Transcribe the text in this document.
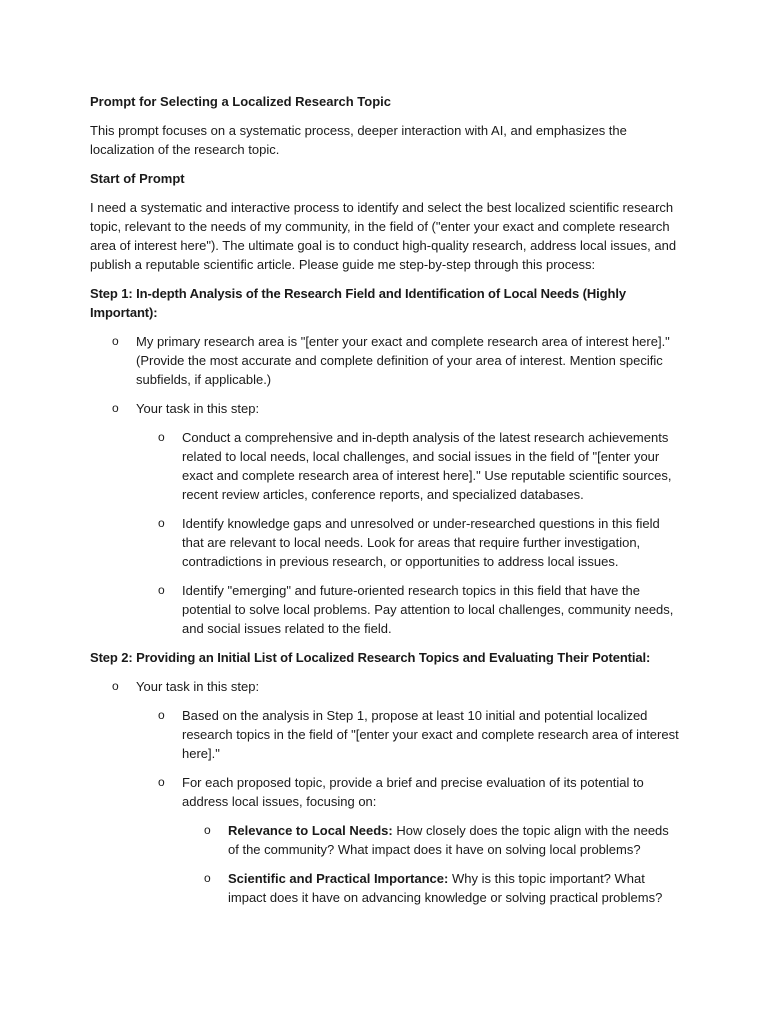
Prompt for Selecting a Localized Research Topic

This prompt focuses on a systematic process, deeper interaction with AI, and emphasizes the localization of the research topic.

Start of Prompt

I need a systematic and interactive process to identify and select the best localized scientific research topic, relevant to the needs of my community, in the field of ("enter your exact and complete research area of interest here"). The ultimate goal is to conduct high-quality research, address local issues, and publish a reputable scientific article. Please guide me step-by-step through this process:

Step 1: In-depth Analysis of the Research Field and Identification of Local Needs (Highly Important):

o My primary research area is "[enter your exact and complete research area of interest here]." (Provide the most accurate and complete definition of your area of interest. Mention specific subfields, if applicable.)
o Your task in this step:
o Conduct a comprehensive and in-depth analysis of the latest research achievements related to local needs, local challenges, and social issues in the field of "[enter your exact and complete research area of interest here]." Use reputable scientific sources, recent review articles, conference reports, and specialized databases.
o Identify knowledge gaps and unresolved or under-researched questions in this field that are relevant to local needs. Look for areas that require further investigation, contradictions in previous research, or opportunities to address local issues.
o Identify "emerging" and future-oriented research topics in this field that have the potential to solve local problems. Pay attention to local challenges, community needs, and social issues related to the field.

Step 2: Providing an Initial List of Localized Research Topics and Evaluating Their Potential:

o Your task in this step:
o Based on the analysis in Step 1, propose at least 10 initial and potential localized research topics in the field of "[enter your exact and complete research area of interest here]."
o For each proposed topic, provide a brief and precise evaluation of its potential to address local issues, focusing on:
o Relevance to Local Needs: How closely does the topic align with the needs of the community? What impact does it have on solving local problems?
o Scientific and Practical Importance: Why is this topic important? What impact does it have on advancing knowledge or solving practical problems?
